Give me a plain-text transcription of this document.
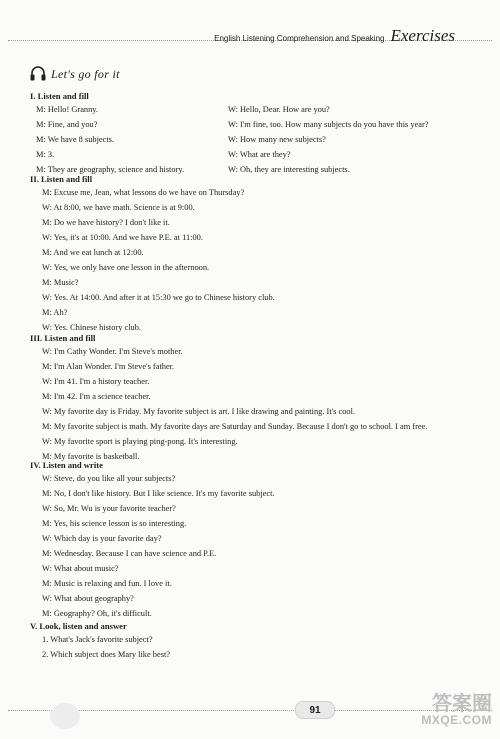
English Listening Comprehension and Speaking Exercises
Let's go for it
I. Listen and fill
M: Hello! Granny.
M: Fine, and you?
M: We have 8 subjects.
M: 3.
M: They are geography, science and history.
W: Hello, Dear. How are you?
W: I'm fine, too. How many subjects do you have this year?
W: How many new subjects?
W: What are they?
W: Oh, they are interesting subjects.
II. Listen and fill
M: Excuse me, Jean, what lessons do we have on Thursday?
W: At 8:00, we have math. Science is at 9:00.
M: Do we have history? I don't like it.
W: Yes, it's at 10:00. And we have P.E. at 11:00.
M: And we eat lunch at 12:00.
W: Yes, we only have one lesson in the afternoon.
M: Music?
W: Yes. At 14:00. And after it at 15:30 we go to Chinese history club.
M: Ah?
W: Yes. Chinese history club.
III. Listen and fill
W: I'm Cathy Wonder. I'm Steve's mother.
M: I'm Alan Wonder. I'm Steve's father.
W: I'm 41. I'm a history teacher.
M: I'm 42. I'm a science teacher.
W: My favorite day is Friday. My favorite subject is art. I like drawing and painting. It's cool.
M: My favorite subject is math. My favorite days are Saturday and Sunday. Because I don't go to school. I am free.
W: My favorite sport is playing ping-pong. It's interesting.
M: My favorite is basketball.
IV. Listen and write
W: Steve, do you like all your subjects?
M: No, I don't like history. But I like science. It's my favorite subject.
W: So, Mr. Wu is your favorite teacher?
M: Yes, his science lesson is so interesting.
W: Which day is your favorite day?
M: Wednesday. Because I can have science and P.E.
W: What about music?
M: Music is relaxing and fun. I love it.
W: What about geography?
M: Geography? Oh, it's difficult.
V. Look, listen and answer
1. What's Jack's favorite subject?
2. Which subject does Mary like best?
91	答案圈
MXQE.COM
